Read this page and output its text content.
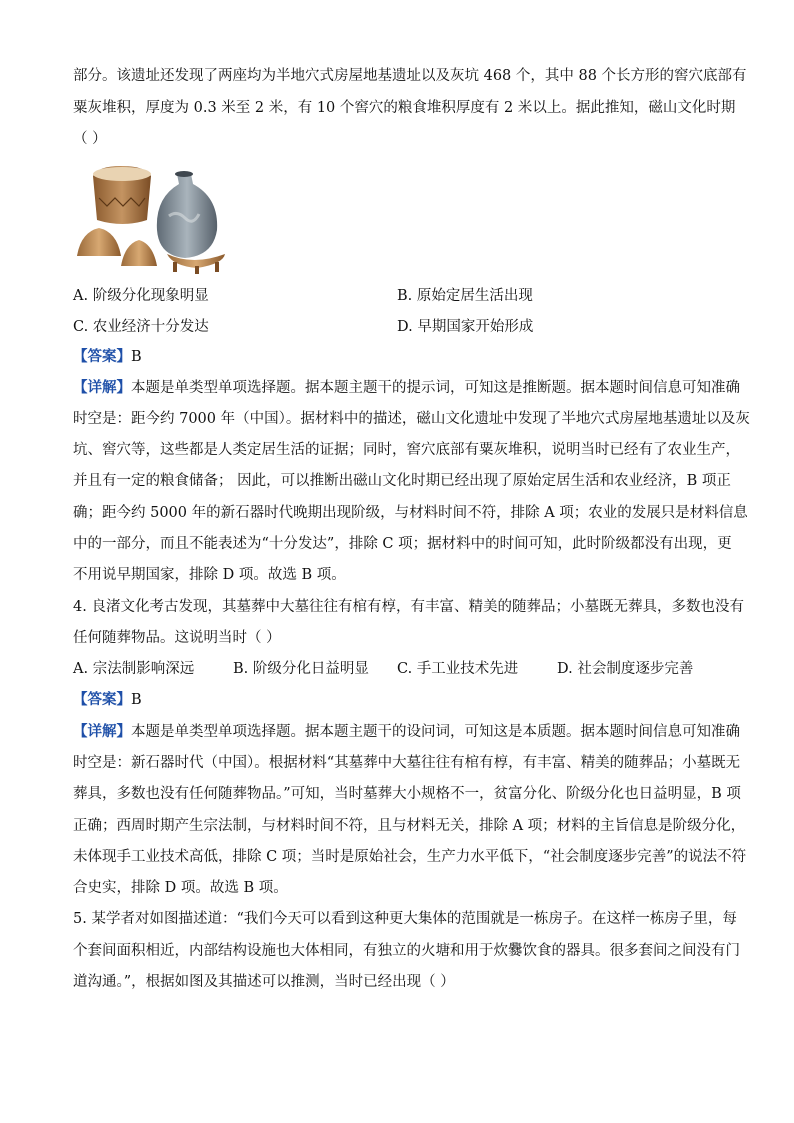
部分。该遗址还发现了两座均为半地穴式房屋地基遗址以及灰坑 468 个，其中 88 个长方形的窖穴底部有
粟灰堆积，厚度为 0.3 米至 2 米，有 10 个窖穴的粮食堆积厚度有 2 米以上。据此推知，磁山文化时期
（ ）
A. 阶级分化现象明显	B. 原始定居生活出现
C. 农业经济十分发达	D. 早期国家开始形成
【答案】B
【详解】本题是单类型单项选择题。据本题主题干的提示词，可知这是推断题。据本题时间信息可知准确
时空是：距今约 7000 年（中国）。据材料中的描述，磁山文化遗址中发现了半地穴式房屋地基遗址以及灰
坑、窖穴等，这些都是人类定居生活的证据；同时，窖穴底部有粟灰堆积，说明当时已经有了农业生产，
并且有一定的粮食储备； 因此，可以推断出磁山文化时期已经出现了原始定居生活和农业经济，B 项正
确；距今约 5000 年的新石器时代晚期出现阶级，与材料时间不符，排除 A 项；农业的发展只是材料信息
中的一部分，而且不能表述为“十分发达”，排除 C 项；据材料中的时间可知，此时阶级都没有出现，更
不用说早期国家，排除 D 项。故选 B 项。
4. 良渚文化考古发现，其墓葬中大墓往往有棺有椁，有丰富、精美的随葬品；小墓既无葬具，多数也没有
任何随葬物品。这说明当时（ ）
A. 宗法制影响深远	B. 阶级分化日益明显 C. 手工业技术先进	D. 社会制度逐步完善
【答案】B
【详解】本题是单类型单项选择题。据本题主题干的设问词，可知这是本质题。据本题时间信息可知准确
时空是：新石器时代（中国）。根据材料“其墓葬中大墓往往有棺有椁，有丰富、精美的随葬品；小墓既无
葬具，多数也没有任何随葬物品。”可知，当时墓葬大小规格不一，贫富分化、阶级分化也日益明显，B 项
正确；西周时期产生宗法制，与材料时间不符，且与材料无关，排除 A 项；材料的主旨信息是阶级分化，
未体现手工业技术高低，排除 C 项；当时是原始社会，生产力水平低下，“社会制度逐步完善”的说法不符
合史实，排除 D 项。故选 B 项。
5. 某学者对如图描述道：“我们今天可以看到这种更大集体的范围就是一栋房子。在这样一栋房子里，每
个套间面积相近，内部结构设施也大体相同，有独立的火塘和用于炊爨饮食的器具。很多套间之间没有门
道沟通。”，根据如图及其描述可以推测，当时已经出现（ ）
